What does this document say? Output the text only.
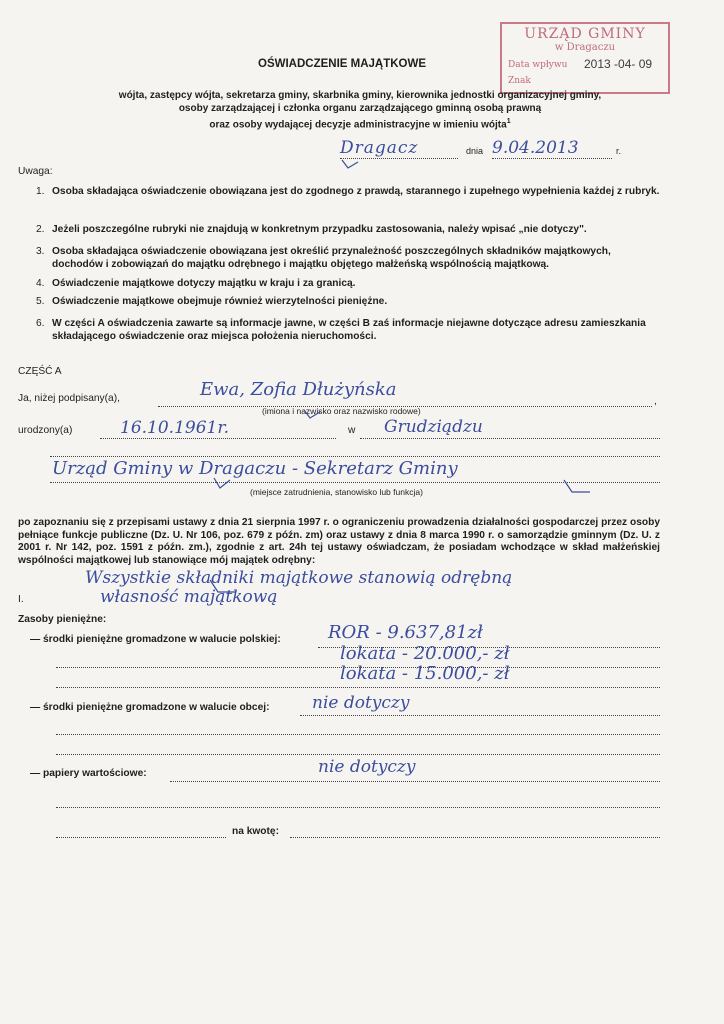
URZĄD GMINY
w Dragaczu
Data wpływu 2013 -04- 09
Znak
OŚWIADCZENIE MAJĄTKOWE
wójta, zastępcy wójta, sekretarza gminy, skarbnika gminy, kierownika jednostki organizacyjnej gminy,
osoby zarządzającej i członka organu zarządzającego gminną osobą prawną
oraz osoby wydającej decyzje administracyjne w imieniu wójta$^1$
Dragacz	dnia 9.04.2013	r.
Uwaga:
1. Osoba składająca oświadczenie obowiązana jest do zgodnego z prawdą, starannego i zupełnego wypełnienia każdej z rubryk.
2. Jeżeli poszczególne rubryki nie znajdują w konkretnym przypadku zastosowania, należy wpisać „nie dotyczy".
3. Osoba składająca oświadczenie obowiązana jest określić przynależność poszczególnych składników majątkowych, dochodów i zobowiązań do majątku odrębnego i majątku objętego małżeńską wspólnością majątkową.
4. Oświadczenie majątkowe dotyczy majątku w kraju i za granicą.
5. Oświadczenie majątkowe obejmuje również wierzytelności pieniężne.
6. W części A oświadczenia zawarte są informacje jawne, w części B zaś informacje niejawne dotyczące adresu zamieszkania składającego oświadczenie oraz miejsca położenia nieruchomości.
CZĘŚĆ A
Ja, niżej podpisany(a),	Ewa, Zofia Dłużyńska
(imiona i nazwisko oraz nazwisko rodowe)
,
urodzony(a)	16.10.1961r.	w Grudziądzu
Urząd Gminy w Dragaczu - Sekretarz Gminy
(miejsce zatrudnienia, stanowisko lub funkcja)
po zapoznaniu się z przepisami ustawy z dnia 21 sierpnia 1997 r. o ograniczeniu prowadzenia działalności gospodarczej przez osoby pełniące funkcje publiczne (Dz. U. Nr 106, poz. 679 z późn. zm) oraz ustawy z dnia 8 marca 1990 r. o samorządzie gminnym (Dz. U. z 2001 r. Nr 142, poz. 1591 z późn. zm.), zgodnie z art. 24h tej ustawy oświadczam, że posiadam wchodzące w skład małżeńskiej wspólności majątkowej lub stanowiące mój majątek odrębny:
Wszystkie składniki majątkowe stanowią odrębną
I.	własność majątkową
Zasoby pieniężne:
— środki pieniężne gromadzone w walucie polskiej:	ROR - 9.637,81zł
lokata - 20.000,- zł
lokata - 15.000,- zł
— środki pieniężne gromadzone w walucie obcej:	nie dotyczy
— papiery wartościowe:	nie dotyczy
na kwotę:
